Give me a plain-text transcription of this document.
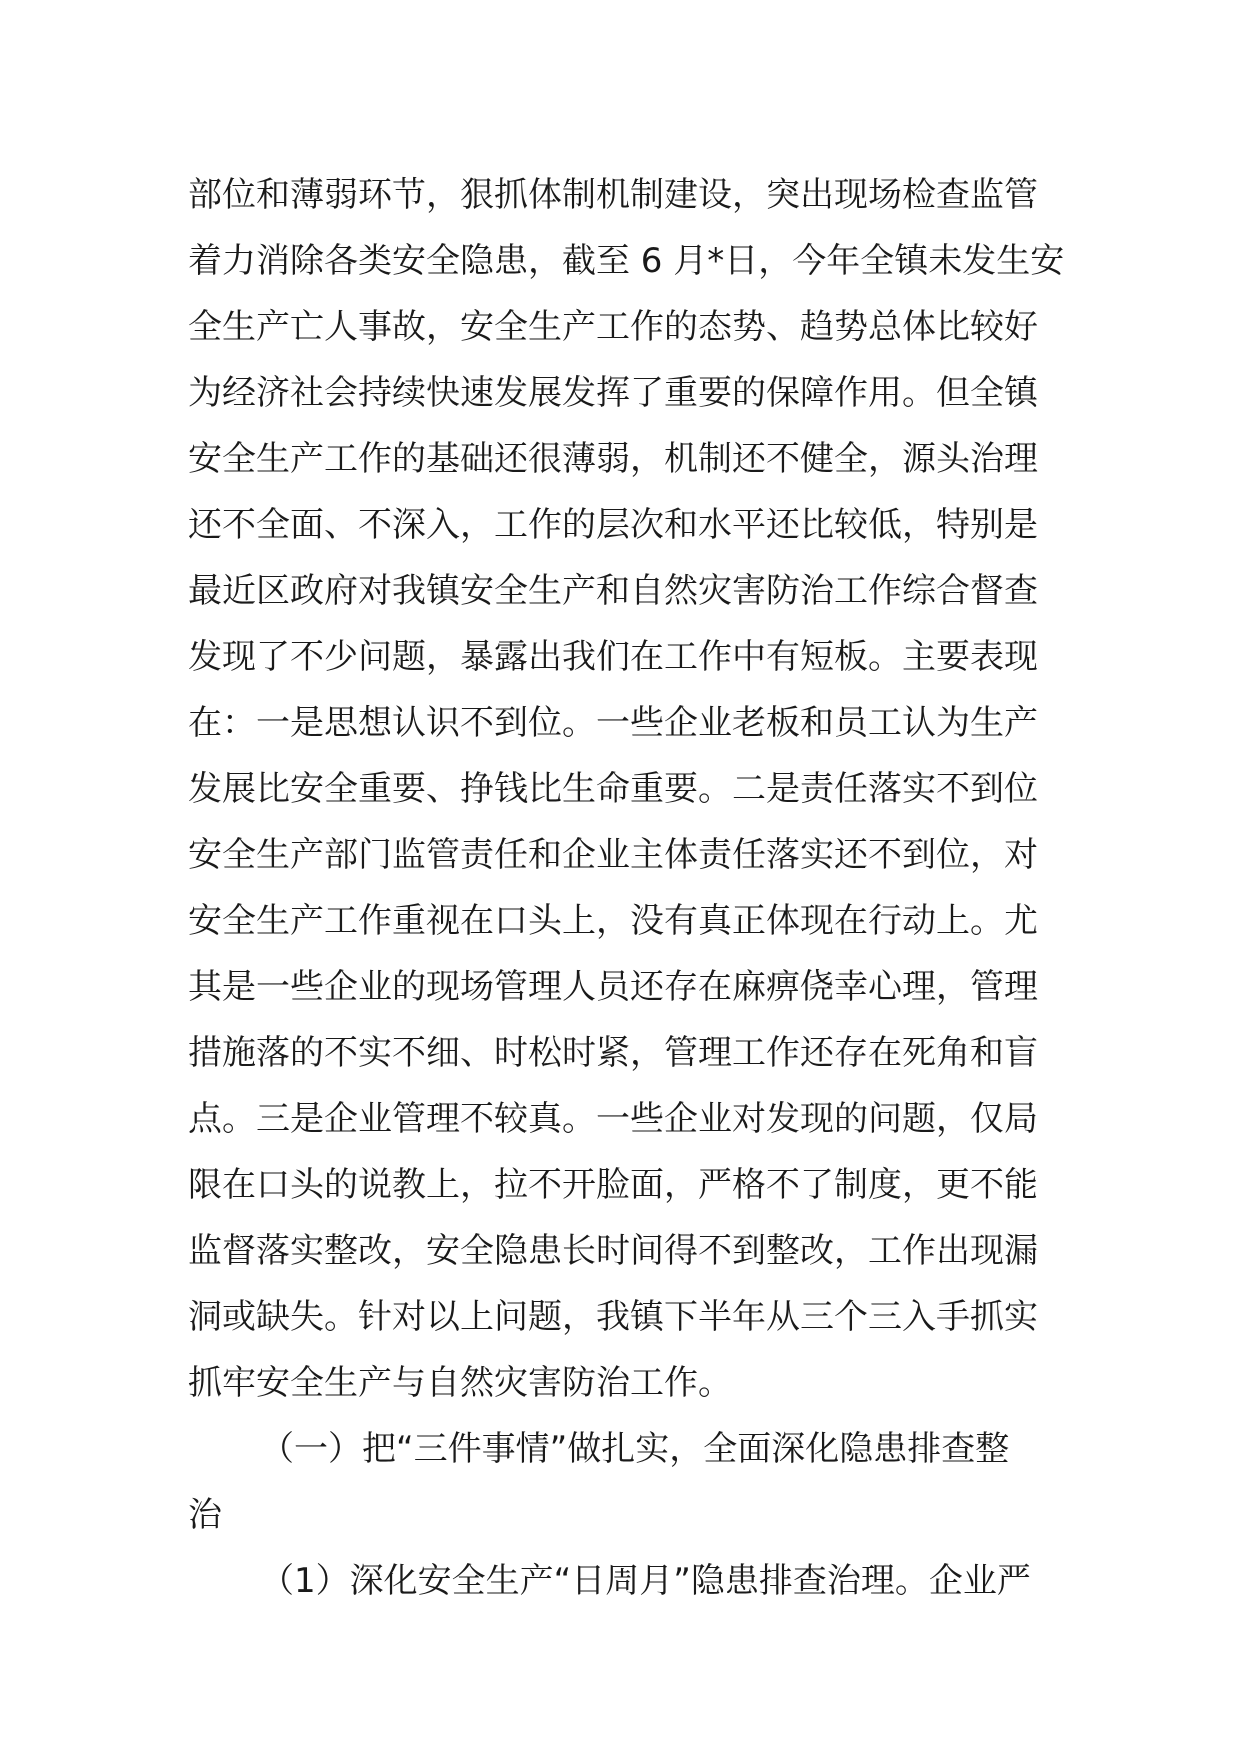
部位和薄弱环节，狠抓体制机制建设，突出现场检查监管
着力消除各类安全隐患，截至 6 月*日，今年全镇未发生安
全生产亡人事故，安全生产工作的态势、趋势总体比较好
为经济社会持续快速发展发挥了重要的保障作用。但全镇
安全生产工作的基础还很薄弱，机制还不健全，源头治理
还不全面、不深入，工作的层次和水平还比较低，特别是
最近区政府对我镇安全生产和自然灾害防治工作综合督查
发现了不少问题，暴露出我们在工作中有短板。主要表现
在：一是思想认识不到位。一些企业老板和员工认为生产
发展比安全重要、挣钱比生命重要。二是责任落实不到位
安全生产部门监管责任和企业主体责任落实还不到位，对
安全生产工作重视在口头上，没有真正体现在行动上。尤
其是一些企业的现场管理人员还存在麻痹侥幸心理，管理
措施落的不实不细、时松时紧，管理工作还存在死角和盲
点。三是企业管理不较真。一些企业对发现的问题，仅局
限在口头的说教上，拉不开脸面，严格不了制度，更不能
监督落实整改，安全隐患长时间得不到整改，工作出现漏
洞或缺失。针对以上问题，我镇下半年从三个三入手抓实
抓牢安全生产与自然灾害防治工作。
（一）把“三件事情”做扎实，全面深化隐患排查整
治
（1）深化安全生产“日周月”隐患排查治理。企业严
